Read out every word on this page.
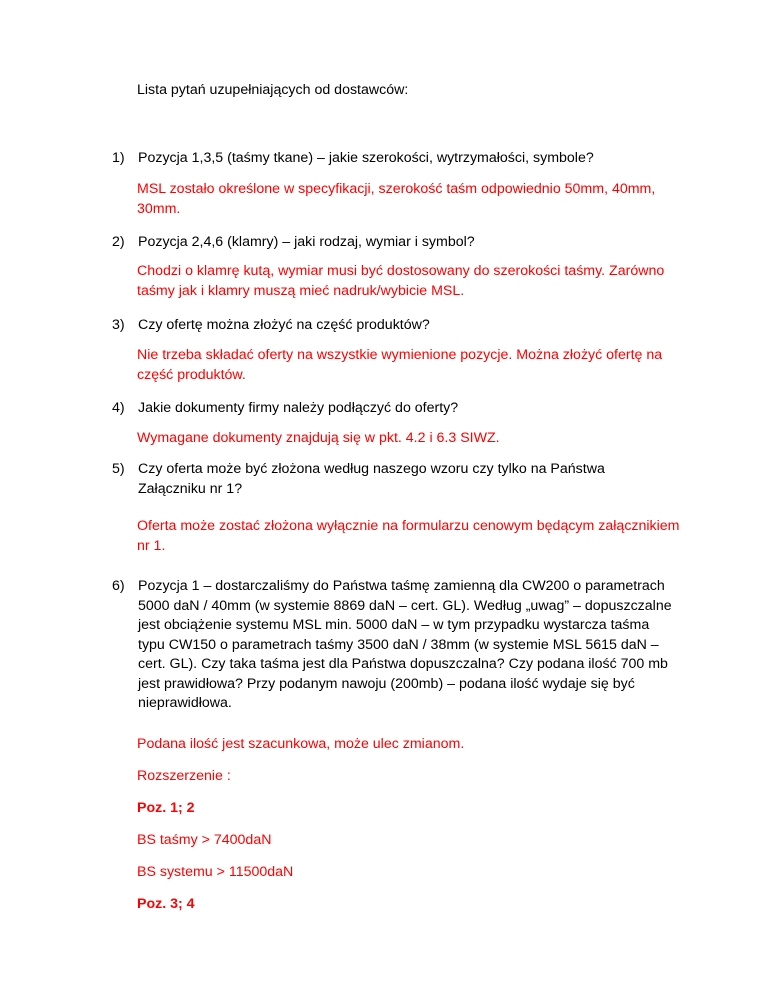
Lista pytań uzupełniających od dostawców:

1) Pozycja 1,3,5 (taśmy tkane) – jakie szerokości, wytrzymałości, symbole?

MSL zostało określone w specyfikacji, szerokość taśm odpowiednio 50mm, 40mm, 30mm.

2) Pozycja 2,4,6 (klamry) – jaki rodzaj, wymiar i symbol?

Chodzi o klamrę kutą, wymiar musi być dostosowany do szerokości taśmy. Zarówno taśmy jak i klamry muszą mieć nadruk/wybicie MSL.

3) Czy ofertę można złożyć na część produktów?

Nie trzeba składać oferty na wszystkie wymienione pozycje. Można złożyć ofertę na część produktów.

4) Jakie dokumenty firmy należy podłączyć do oferty?

Wymagane dokumenty znajdują się w pkt. 4.2 i 6.3 SIWZ.

5) Czy oferta może być złożona według naszego wzoru czy tylko na Państwa Załączniku nr 1?

Oferta może zostać złożona wyłącznie na formularzu cenowym będącym załącznikiem nr 1.

6) Pozycja 1 – dostarczaliśmy do Państwa taśmę zamienną dla CW200 o parametrach 5000 daN / 40mm (w systemie 8869 daN – cert. GL). Według „uwag” – dopuszczalne jest obciążenie systemu MSL min. 5000 daN – w tym przypadku wystarcza taśma typu CW150 o parametrach taśmy 3500 daN / 38mm (w systemie MSL 5615 daN – cert. GL). Czy taka taśma jest dla Państwa dopuszczalna? Czy podana ilość 700 mb jest prawidłowa? Przy podanym nawoju (200mb) – podana ilość wydaje się być nieprawidłowa.

Podana ilość jest szacunkowa, może ulec zmianom.

Rozszerzenie :

Poz. 1; 2

BS taśmy > 7400daN

BS systemu > 11500daN

Poz. 3; 4
